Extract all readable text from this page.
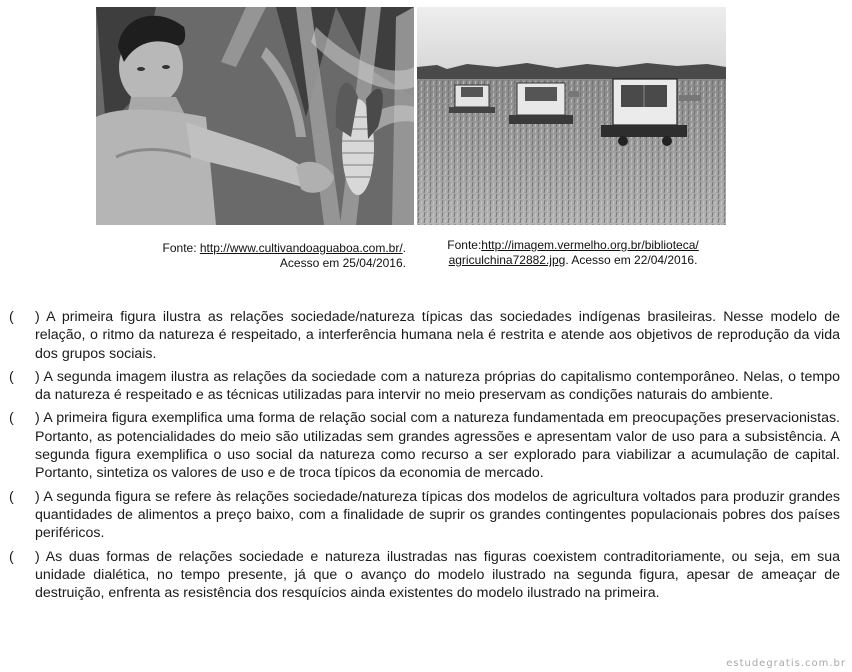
Fonte: http://www.cultivandoaguaboa.com.br/.
Acesso em 25/04/2016.
Fonte:http://imagem.vermelho.org.br/biblioteca/
agriculchina72882.jpg. Acesso em 22/04/2016.
( ) A primeira figura ilustra as relações sociedade/natureza típicas das sociedades indígenas brasileiras. Nesse modelo de relação, o ritmo da natureza é respeitado, a interferência humana nela é restrita e atende aos objetivos de reprodução da vida dos grupos sociais.
( ) A segunda imagem ilustra as relações da sociedade com a natureza próprias do capitalismo contemporâneo. Nelas, o tempo da natureza é respeitado e as técnicas utilizadas para intervir no meio preservam as condições naturais do ambiente.
( ) A primeira figura exemplifica uma forma de relação social com a natureza fundamentada em preocupações preservacionistas. Portanto, as potencialidades do meio são utilizadas sem grandes agressões e apresentam valor de uso para a subsistência. A segunda figura exemplifica o uso social da natureza como recurso a ser explorado para viabilizar a acumulação de capital. Portanto, sintetiza os valores de uso e de troca típicos da economia de mercado.
( ) A segunda figura se refere às relações sociedade/natureza típicas dos modelos de agricultura voltados para produzir grandes quantidades de alimentos a preço baixo, com a finalidade de suprir os grandes contingentes populacionais pobres dos países periféricos.
( ) As duas formas de relações sociedade e natureza ilustradas nas figuras coexistem contraditoriamente, ou seja, em sua unidade dialética, no tempo presente, já que o avanço do modelo ilustrado na segunda figura, apesar de ameaçar de destruição, enfrenta as resistência dos resquícios ainda existentes do modelo ilustrado na primeira.
estudegratis.com.br
